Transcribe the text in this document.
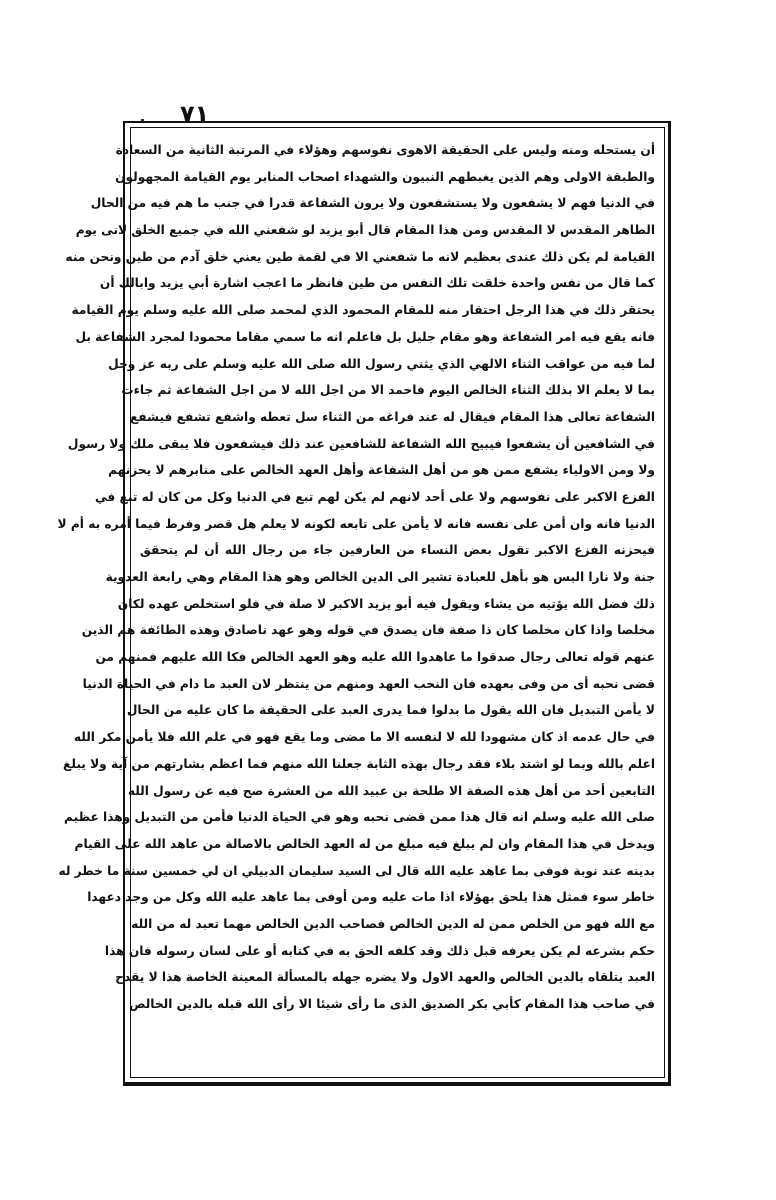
٧١
أن يستحله ومنه وليس على الحقيقة الاهوى نفوسهم وهؤلاء في المرتبة الثانية من السعادة
والطبقة الاولى وهم الذين يغبطهم النبيون والشهداء اصحاب المنابر يوم القيامة المجهولون
في الدنيا فهم لا يشفعون ولا يستشفعون ولا يرون الشفاعة قدرا في جنب ما هم فيه من الحال
الطاهر المقدس لا المقدس ومن هذا المقام قال أبو يزيد لو شفعني الله في جميع الخلق لانى يوم
القيامة لم يكن ذلك عندى بعظيم لانه ما شفعني الا في لقمة طين يعني خلق آدم من طين ونحن منه
كما قال من نفس واحدة خلقت تلك النفس من طين فانظر ما اعجب اشارة أبي يزيد وابالك أن
يحتقر ذلك في هذا الرجل احتقار منه للمقام المحمود الذي لمحمد صلى الله عليه وسلم يوم القيامة
فانه يقع فيه امر الشفاعة وهو مقام جليل بل فاعلم انه ما سمي مقاما محمودا لمجرد الشفاعة بل
لما فيه من عواقب الثناء الالهي الذي يثني رسول الله صلى الله عليه وسلم على ربه عز وجل
بما لا يعلم الا بذلك الثناء الخالص اليوم فاحمد الا من اجل الله لا من اجل الشفاعة ثم جاءت
الشفاعة تعالى هذا المقام فيقال له عند فراغه من الثناء سل تعطه واشفع تشفع فيشفع
في الشافعين أن يشفعوا فيبيح الله الشفاعة للشافعين عند ذلك فيشفعون فلا يبقى ملك ولا رسول
ولا ومن الاولياء يشفع ممن هو من أهل الشفاعة وأهل العهد الخالص على منابرهم لا يحزنهم
الفزع الاكبر على نفوسهم ولا على أحد لانهم لم يكن لهم تبع في الدنيا وكل من كان له تبع في
الدنيا فانه وان أمن على نفسه فانه لا يأمن على تابعه لكونه لا يعلم هل قصر وفرط فيما أمره به أم لا
فيحزنه الفزع الاكبر تقول بعض النساء من العارفين جاء من رجال الله أن لم يتحقق
جنة ولا نارا اليس هو بأهل للعبادة تشير الى الدين الخالص وهو هذا المقام وهي رابعة العدوية
ذلك فضل الله يؤتيه من يشاء ويقول فيه أبو يزيد الاكبر لا صلة في فلو استخلص عهده لكان
مخلصا واذا كان مخلصا كان ذا صفة فان يصدق في قوله وهو عهد ناصادق وهذه الطائفة هم الذين
عنهم قوله تعالى رجال صدقوا ما عاهدوا الله عليه وهو العهد الخالص فكا الله عليهم فمنهم من
قضى نحبه أى من وفى بعهده فان النحب العهد ومنهم من ينتظر لان العبد ما دام في الحياة الدنيا
لا يأمن التبديل فان الله يقول ما بدلوا فما يدرى العبد على الحقيقة ما كان عليه من الحال
في حال عدمه اذ كان مشهودا لله لا لنفسه الا ما مضى وما يقع فهو في علم الله فلا يأمن مكر الله
اعلم بالله وبما لو اشتد بلاء فقد رجال بهذه الثابة جعلنا الله منهم فما اعظم بشارتهم من آية ولا يبلغ
التابعين أحد من أهل هذه الصفة الا طلحة بن عبيد الله من العشرة صح فيه عن رسول الله
صلى الله عليه وسلم انه قال هذا ممن قضى نحبه وهو في الحياة الدنيا فأمن من التبديل وهذا عظيم
ويدخل في هذا المقام وان لم يبلغ فيه مبلغ من له العهد الخالص بالاصالة من عاهد الله على القيام
بدينه عند نوبة فوفى بما عاهد عليه الله قال لى السيد سليمان الدبيلي ان لي خمسين سنة ما خطر له
خاطر سوء فمثل هذا يلحق بهؤلاء اذا مات عليه ومن أوفى بما عاهد عليه الله وكل من وجد دعهدا
مع الله فهو من الخلص ممن له الدين الخالص فصاحب الدين الخالص مهما تعبد له من الله
حكم بشرعه لم يكن يعرفه قبل ذلك وقد كلفه الحق به في كتابه أو على لسان رسوله فان هذا
العبد يتلقاه بالدين الخالص والعهد الاول ولا يضره جهله بالمسألة المعينة الخاصة هذا لا يقدح
في صاحب هذا المقام كأبي بكر الصديق الذى ما رأى شيئا الا رأى الله قبله بالدين الخالص
